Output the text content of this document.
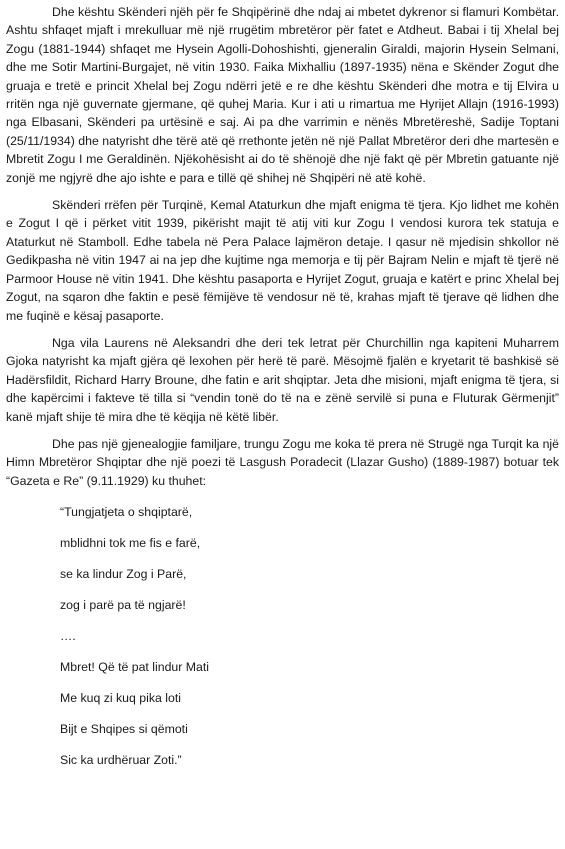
Dhe kështu Skënderi njëh për fe Shqipërinë dhe ndaj ai mbetet dykrenor si flamuri Kombëtar. Ashtu shfaqet mjaft i mrekulluar më një rrugëtim mbretëror për fatet e Atdheut. Babai i tij Xhelal bej Zogu (1881-1944) shfaqet me Hysein Agolli-Dohoshishti, gjeneralin Giraldi, majorin Hysein Selmani, dhe me Sotir Martini-Burgajet, në vitin 1930. Faika Mixhalliu (1897-1935) nëna e Skënder Zogut dhe gruaja e tretë e princit Xhelal bej Zogu ndërri jetë e re dhe kështu Skënderi dhe motra e tij Elvira u rritën nga një guvernate gjermane, që quhej Maria. Kur i ati u rimartua me Hyrijet Allajn (1916-1993) nga Elbasani, Skënderi pa urtësinë e saj. Ai pa dhe varrimin e nënës Mbretëreshë, Sadije Toptani (25/11/1934) dhe natyrisht dhe tërë atë që rrethonte jetën në një Pallat Mbretëror deri dhe martesën e Mbretit Zogu I me Geraldinën. Njëkohësisht ai do të shënojë dhe një fakt që për Mbretin gatuante një zonjë me ngjyrë dhe ajo ishte e para e tillë që shihej në Shqipëri në atë kohë.

Skënderi rrëfen për Turqinë, Kemal Ataturkun dhe mjaft enigma të tjera. Kjo lidhet me kohën e Zogut I që i përket vitit 1939, pikërisht majit të atij viti kur Zogu I vendosi kurora tek statuja e Ataturkut në Stamboll. Edhe tabela në Pera Palace lajmëron detaje. I qasur në mjedisin shkollor në Gedikpasha në vitin 1947 ai na jep dhe kujtime nga memorja e tij për Bajram Nelin e mjaft të tjerë në Parmoor House në vitin 1941. Dhe kështu pasaporta e Hyrijet Zogut, gruaja e katërt e princ Xhelal bej Zogut, na sqaron dhe faktin e pesë fëmijëve të vendosur në të, krahas mjaft të tjerave që lidhen dhe me fuqinë e kësaj pasaporte.

Nga vila Laurens në Aleksandri dhe deri tek letrat për Churchillin nga kapiteni Muharrem Gjoka natyrisht ka mjaft gjëra që lexohen për herë të parë. Mësojmë fjalën e kryetarit të bashkisë së Hadërsfildit, Richard Harry Broune, dhe fatin e arit shqiptar. Jeta dhe misioni, mjaft enigma të tjera, si dhe kapërcimi i fakteve të tilla si “vendin tonë do të na e zënë servilë si puna e Fluturak Gërmenjit” kanë mjaft shije të mira dhe të këqija në këtë libër.

Dhe pas një gjenealogjie familjare, trungu Zogu me koka të prera në Strugë nga Turqit ka një Himn Mbretëror Shqiptar dhe një poezi të Lasgush Poradecit (Llazar Gusho) (1889-1987) botuar tek “Gazeta e Re” (9.11.1929) ku thuhet:

“Tungjatjeta o shqiptarë,
mblidhni tok me fis e farë,
se ka lindur Zog i Parë,
zog i parë pa të ngjarë!
….
Mbret! Që të pat lindur Mati
Me kuq zi kuq pika loti
Bijt e Shqipes si qëmoti
Sic ka urdhëruar Zoti.”
